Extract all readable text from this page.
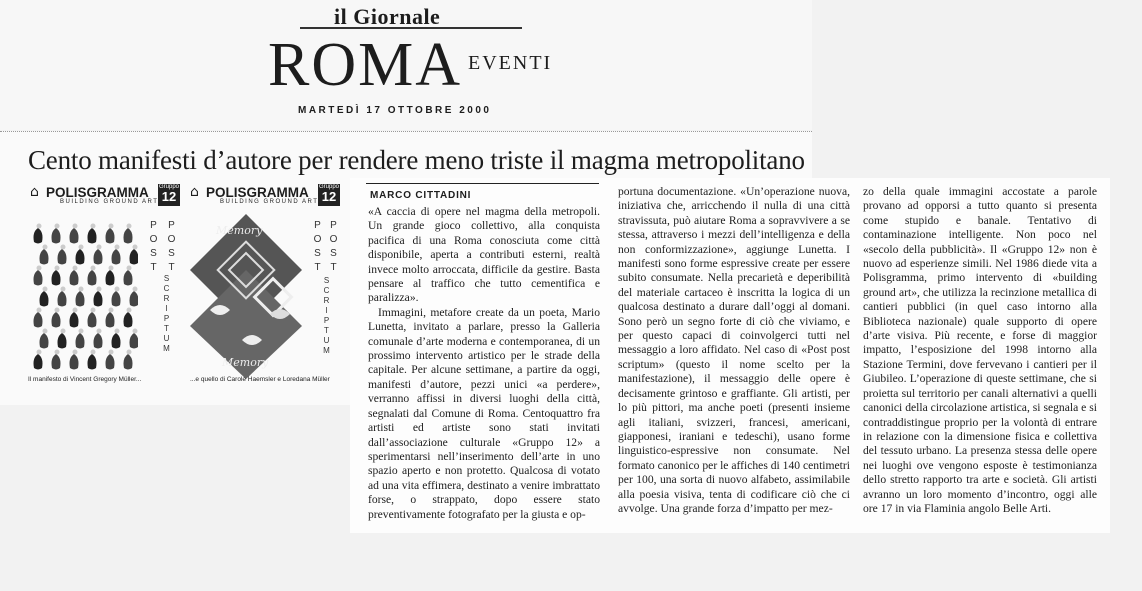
il Giornale
ROMA EVENTI
MARTEDÌ 17 OTTOBRE 2000
Cento manifesti d’autore per rendere meno triste il magma metropolitano
⌂ POLISGRAMMA
BUILDING GROUND ART
Gruppo
12
POST POST
SCRIPTUM
Il manifesto di Vincent Gregory Müller...
⌂ POLISGRAMMA
BUILDING GROUND ART
Gruppo
12
Memory
Memory
POST POST
SCRIPTUM
...e quello di Carole Haemsler e Loredana Müller
MARCO CITTADINI

«A caccia di opere nel magma della metropoli. Un grande gioco collettivo, alla conquista pacifica di una Roma conosciuta come città disponibile, aperta a contributi esterni, realtà invece molto arroccata, difficile da gestire. Basta pensare al traffico che tutto cementifica e paralizza».

Immagini, metafore create da un poeta, Mario Lunetta, invitato a parlare, presso la Galleria comunale d’arte moderna e contemporanea, di un prossimo intervento artistico per le strade della capitale. Per alcune settimane, a partire da oggi, manifesti d’autore, pezzi unici «a perdere», verranno affissi in diversi luoghi della città, segnalati dal Comune di Roma. Centoquattro fra artisti ed artiste sono stati invitati dall’associazione culturale «Gruppo 12» a sperimentarsi nell’inserimento dell’arte in uno spazio aperto e non protetto. Qualcosa di votato ad una vita effimera, destinato a venire imbrattato forse, o strappato, dopo essere stato preventivamente fotografato per la giusta e op-

portuna documentazione. «Un’operazione nuova, iniziativa che, arricchendo il nulla di una città stravissuta, può aiutare Roma a sopravvivere a se stessa, attraverso i mezzi dell’intelligenza e della non conformizzazione», aggiunge Lunetta. I manifesti sono forme espressive create per essere subito consumate. Nella precarietà e deperibilità del materiale cartaceo è inscritta la logica di un qualcosa destinato a durare dall’oggi al domani. Sono però un segno forte di ciò che viviamo, e per questo capaci di coinvolgerci tutti nel messaggio a loro affidato. Nel caso di «Post post scriptum» (questo il nome scelto per la manifestazione), il messaggio delle opere è decisamente grintoso e graffiante. Gli artisti, per lo più pittori, ma anche poeti (presenti insieme agli italiani, svizzeri, francesi, americani, giapponesi, iraniani e tedeschi), usano forme linguistico-espressive non consumate. Nel formato canonico per le affiches di 140 centimetri per 100, una sorta di nuovo alfabeto, assimilabile alla poesia visiva, tenta di codificare ciò che ci avvolge. Una grande forza d’impatto per mez-

zo della quale immagini accostate a parole provano ad opporsi a tutto quanto si presenta come stupido e banale. Tentativo di contaminazione intelligente. Non poco nel «secolo della pubblicità». Il «Gruppo 12» non è nuovo ad esperienze simili. Nel 1986 diede vita a Polisgramma, primo intervento di «building ground art», che utilizza la recinzione metallica di cantieri pubblici (in quel caso intorno alla Biblioteca nazionale) quale supporto di opere d’arte visiva. Più recente, e forse di maggior impatto, l’esposizione del 1998 intorno alla Stazione Termini, dove fervevano i cantieri per il Giubileo. L’operazione di queste settimane, che si proietta sul territorio per canali alternativi a quelli canonici della circolazione artistica, si segnala e si contraddistingue proprio per la volontà di entrare in relazione con la dimensione fisica e collettiva del tessuto urbano. La presenza stessa delle opere nei luoghi ove vengono esposte è testimonianza dello stretto rapporto tra arte e società. Gli artisti avranno un loro momento d’incontro, oggi alle ore 17 in via Flaminia angolo Belle Arti.
